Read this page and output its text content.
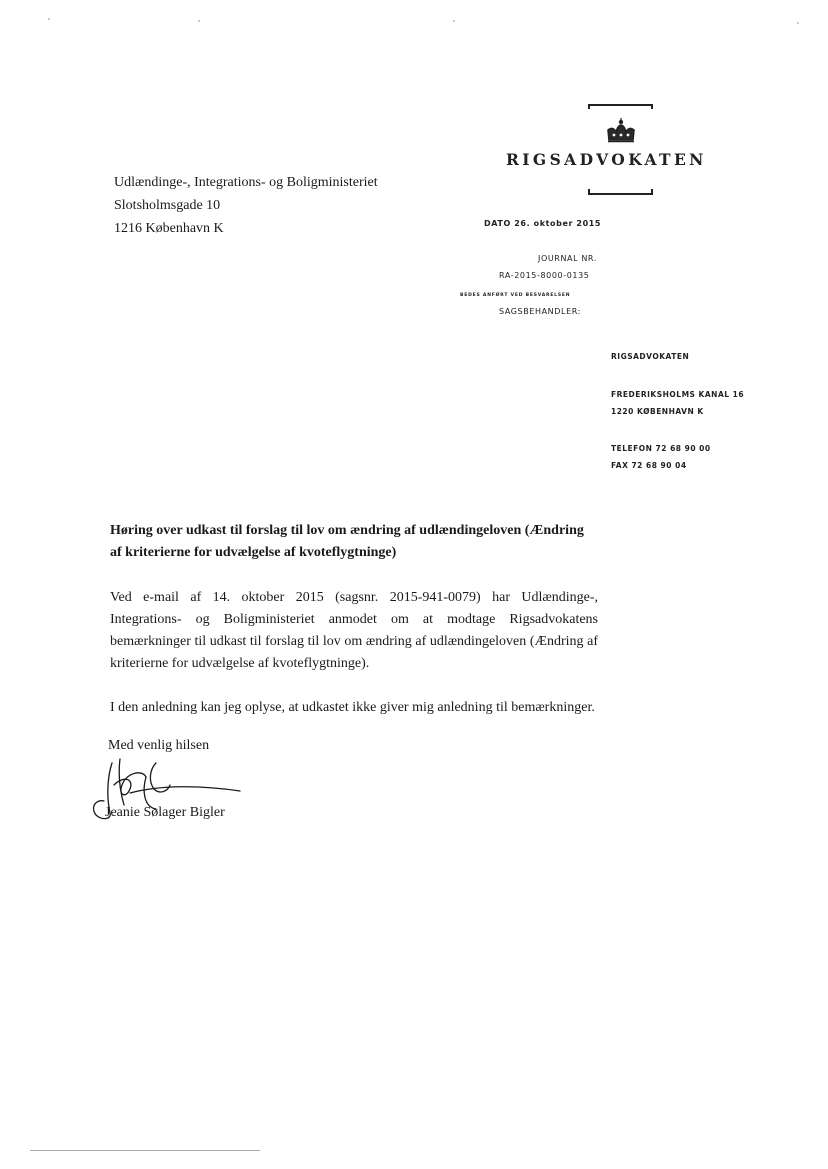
RIGSADVOKATEN
Udlændinge-, Integrations- og Boligministeriet
Slotsholmsgade 10
1216 København K	DATO 26. oktober 2015
JOURNAL NR.
RA-2015-8000-0135
BEDES ANFØRT VED BESVARELSEN
SAGSBEHANDLER:
RIGSADVOKATEN
FREDERIKSHOLMS KANAL 16
1220 KØBENHAVN K
TELEFON 72 68 90 00
FAX 72 68 90 04
Høring over udkast til forslag til lov om ændring af udlændingeloven (Ændring af kriterierne for udvælgelse af kvoteflygtninge)
Ved e-mail af 14. oktober 2015 (sagsnr. 2015-941-0079) har Udlændinge-, Integrations- og Boligministeriet anmodet om at modtage Rigsadvokatens bemærkninger til udkast til forslag til lov om ændring af udlændingeloven (Ændring af kriterierne for udvælgelse af kvoteflygtninge).
I den anledning kan jeg oplyse, at udkastet ikke giver mig anledning til bemærkninger.
Med venlig hilsen
Jeanie Sølager Bigler
